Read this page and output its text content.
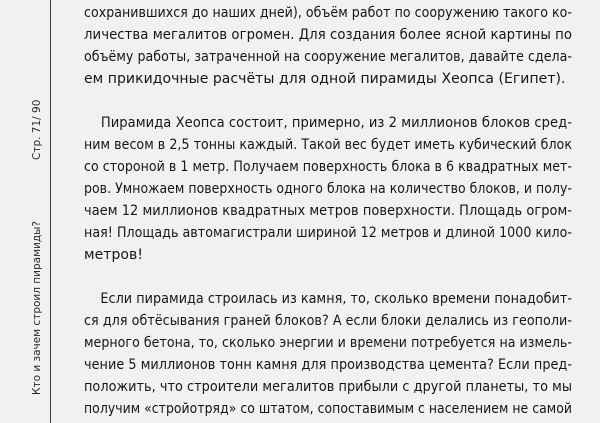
Стр. 71/ 90
Кто и зачем строил пирамиды?

сохранившихся до наших дней), объём работ по сооружению такого ко-
личества мегалитов огромен. Для создания более ясной картины по
объёму работы, затраченной на сооружение мегалитов, давайте сдела-
ем прикидочные расчёты для одной пирамиды Хеопса (Египет).

Пирамида Хеопса состоит, примерно, из 2 миллионов блоков сред-
ним весом в 2,5 тонны каждый. Такой вес будет иметь кубический блок
со стороной в 1 метр. Получаем поверхность блока в 6 квадратных мет-
ров. Умножаем поверхность одного блока на количество блоков, и полу-
чаем 12 миллионов квадратных метров поверхности. Площадь огром-
ная! Площадь автомагистрали шириной 12 метров и длиной 1000 кило-
метров!

Если пирамида строилась из камня, то, сколько времени понадобит-
ся для обтёсывания граней блоков? А если блоки делались из геополи-
мерного бетона, то, сколько энергии и времени потребуется на измель-
чение 5 миллионов тонн камня для производства цемента? Если пред-
положить, что строители мегалитов прибыли с другой планеты, то мы
получим «стройотряд» со штатом, сопоставимым с населением не самой
